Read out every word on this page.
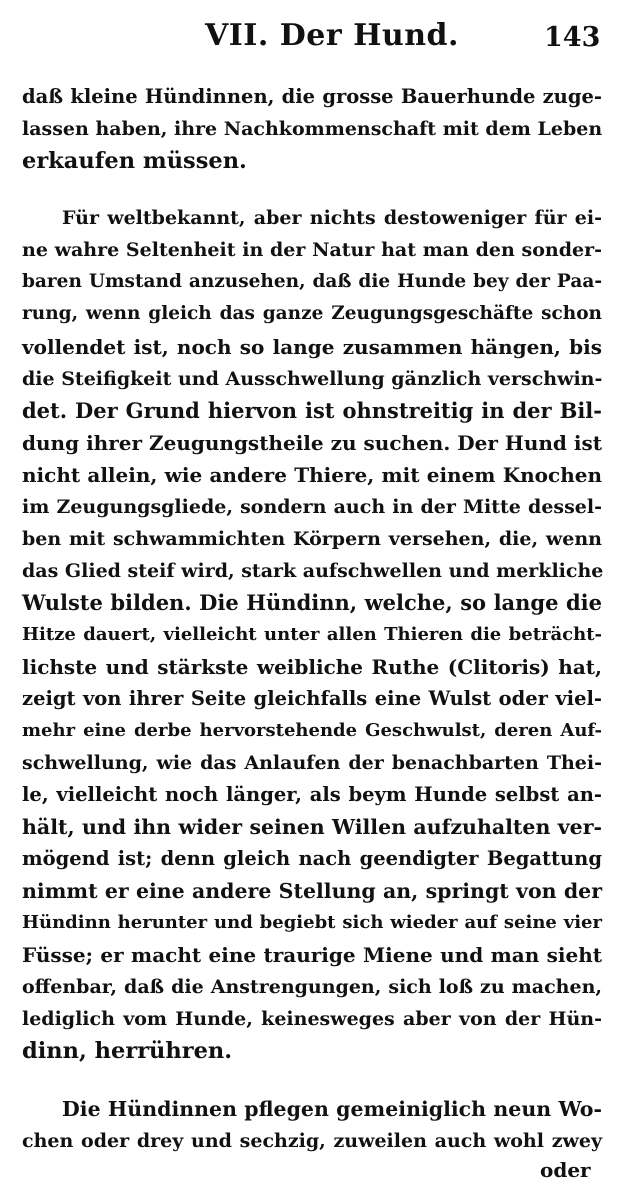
VII. Der Hund.	143
daß kleine Hündinnen, die grosse Bauerhunde zuge-
lassen haben, ihre Nachkommenschaft mit dem Leben
erkaufen müssen.
Für weltbekannt, aber nichts destoweniger für ei-
ne wahre Seltenheit in der Natur hat man den sonder-
baren Umstand anzusehen, daß die Hunde bey der Paa-
rung, wenn gleich das ganze Zeugungsgeschäfte schon
vollendet ist, noch so lange zusammen hängen, bis
die Steifigkeit und Ausschwellung gänzlich verschwin-
det. Der Grund hiervon ist ohnstreitig in der Bil-
dung ihrer Zeugungstheile zu suchen. Der Hund ist
nicht allein, wie andere Thiere, mit einem Knochen
im Zeugungsgliede, sondern auch in der Mitte dessel-
ben mit schwammichten Körpern versehen, die, wenn
das Glied steif wird, stark aufschwellen und merkliche
Wulste bilden. Die Hündinn, welche, so lange die
Hitze dauert, vielleicht unter allen Thieren die beträcht-
lichste und stärkste weibliche Ruthe (Clitoris) hat,
zeigt von ihrer Seite gleichfalls eine Wulst oder viel-
mehr eine derbe hervorstehende Geschwulst, deren Auf-
schwellung, wie das Anlaufen der benachbarten Thei-
le, vielleicht noch länger, als beym Hunde selbst an-
hält, und ihn wider seinen Willen aufzuhalten ver-
mögend ist; denn gleich nach geendigter Begattung
nimmt er eine andere Stellung an, springt von der
Hündinn herunter und begiebt sich wieder auf seine vier
Füsse; er macht eine traurige Miene und man sieht
offenbar, daß die Anstrengungen, sich loß zu machen,
lediglich vom Hunde, keinesweges aber von der Hün-
dinn, herrühren.
Die Hündinnen pflegen gemeiniglich neun Wo-
chen oder drey und sechzig, zuweilen auch wohl zwey
oder
